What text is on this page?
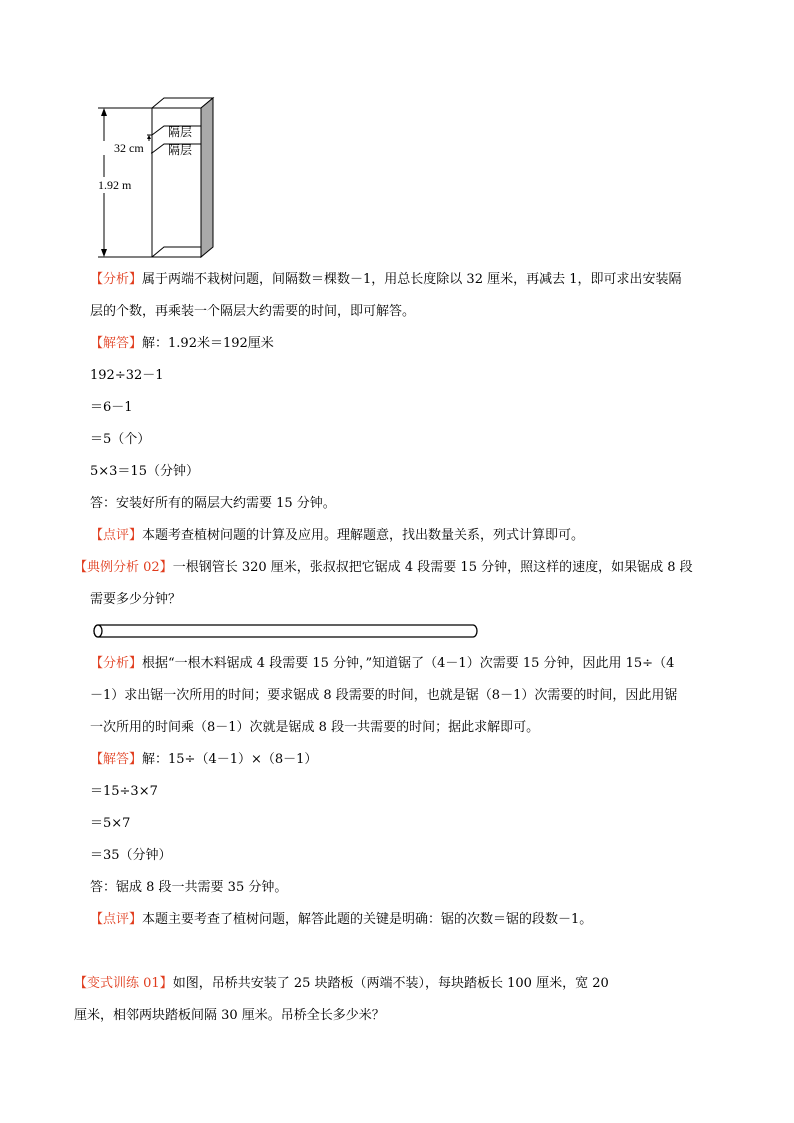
32 cm
1.92 m
隔层
隔层
【分析】属于两端不栽树问题，间隔数＝棵数－1，用总长度除以 32 厘米，再减去 1，即可求出安装隔
层的个数，再乘装一个隔层大约需要的时间，即可解答。
【解答】解：1.92米＝192厘米
192÷32－1
＝6－1
＝5（个）
5×3＝15（分钟）
答：安装好所有的隔层大约需要 15 分钟。
【点评】本题考查植树问题的计算及应用。理解题意，找出数量关系，列式计算即可。
【典例分析 02】一根钢管长 320 厘米，张叔叔把它锯成 4 段需要 15 分钟，照这样的速度，如果锯成 8 段
需要多少分钟？
【分析】根据“一根木料锯成 4 段需要 15 分钟，”知道锯了（4－1）次需要 15 分钟，因此用 15÷（4
－1）求出锯一次所用的时间；要求锯成 8 段需要的时间，也就是锯（8－1）次需要的时间，因此用锯
一次所用的时间乘（8－1）次就是锯成 8 段一共需要的时间；据此求解即可。
【解答】解：15÷（4－1）×（8－1）
＝15÷3×7
＝5×7
＝35（分钟）
答：锯成 8 段一共需要 35 分钟。
【点评】本题主要考查了植树问题，解答此题的关键是明确：锯的次数＝锯的段数－1。
【变式训练 01】如图，吊桥共安装了 25 块踏板（两端不装），每块踏板长 100 厘米，宽 20
厘米，相邻两块踏板间隔 30 厘米。吊桥全长多少米？
